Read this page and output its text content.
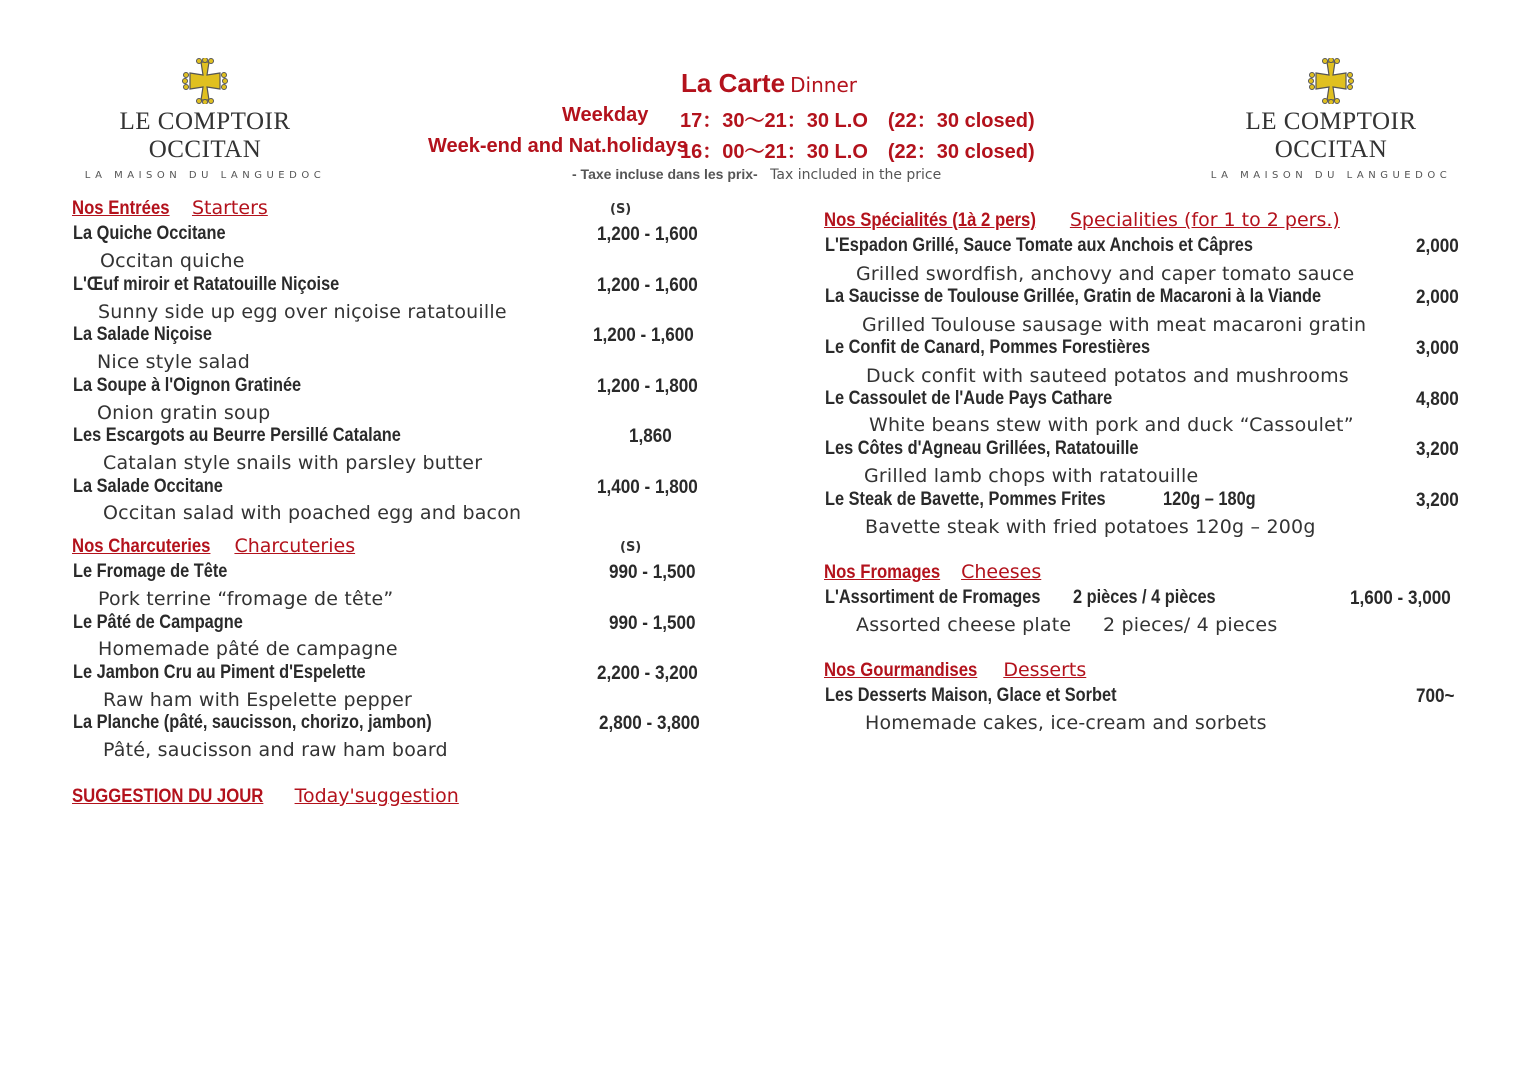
LE COMPTOIR OCCITAN
LA MAISON DU LANGUEDOC
LE COMPTOIR OCCITAN
LA MAISON DU LANGUEDOC
La Carte Dinner
Weekday 17：30～21：30 L.O　(22：30 closed)
Week-end and Nat.holidays
16：00～21：30 L.O　(22：30 closed)
- Taxe incluse dans les prix- Tax included in the price
Nos Entrées Starters	(S)
La Quiche Occitane	1,200 - 1,600
Occitan quiche
L'Œuf miroir et Ratatouille Niçoise	1,200 - 1,600
Sunny side up egg over niçoise ratatouille
La Salade Niçoise	1,200 - 1,600
Nice style salad
La Soupe à l'Oignon Gratinée	1,200 - 1,800
Onion gratin soup
Les Escargots au Beurre Persillé Catalane	1,860
Catalan style snails with parsley butter
La Salade Occitane	1,400 - 1,800
Occitan salad with poached egg and bacon
Nos Charcuteries Charcuteries	(S)
Le Fromage de Tête	990 - 1,500
Pork terrine “fromage de tête”
Le Pâté de Campagne	990 - 1,500
Homemade pâté de campagne
Le Jambon Cru au Piment d'Espelette	2,200 - 3,200
Raw ham with Espelette pepper
La Planche (pâté, saucisson, chorizo, jambon)	2,800 - 3,800
Pâté, saucisson and raw ham board
SUGGESTION DU JOUR Today'suggestion
Nos Spécialités (1à 2 pers) Specialities (for 1 to 2 pers.)
L'Espadon Grillé, Sauce Tomate aux Anchois et Câpres	2,000
Grilled swordfish, anchovy and caper tomato sauce
La Saucisse de Toulouse Grillée, Gratin de Macaroni à la Viande	2,000
Grilled Toulouse sausage with meat macaroni gratin
Le Confit de Canard, Pommes Forestières	3,000
Duck confit with sauteed potatos and mushrooms
Le Cassoulet de l'Aude Pays Cathare	4,800
White beans stew with pork and duck “Cassoulet”
Les Côtes d'Agneau Grillées, Ratatouille	3,200
Grilled lamb chops with ratatouille
Le Steak de Bavette, Pommes Frites	120g – 180g	3,200
Bavette steak with fried potatoes 120g – 200g
Nos Fromages Cheeses
L'Assortiment de Fromages 2 pièces / 4 pièces	1,600 - 3,000
Assorted cheese plate 2 pieces/ 4 pieces
Nos Gourmandises Desserts
Les Desserts Maison, Glace et Sorbet	700~
Homemade cakes, ice-cream and sorbets
